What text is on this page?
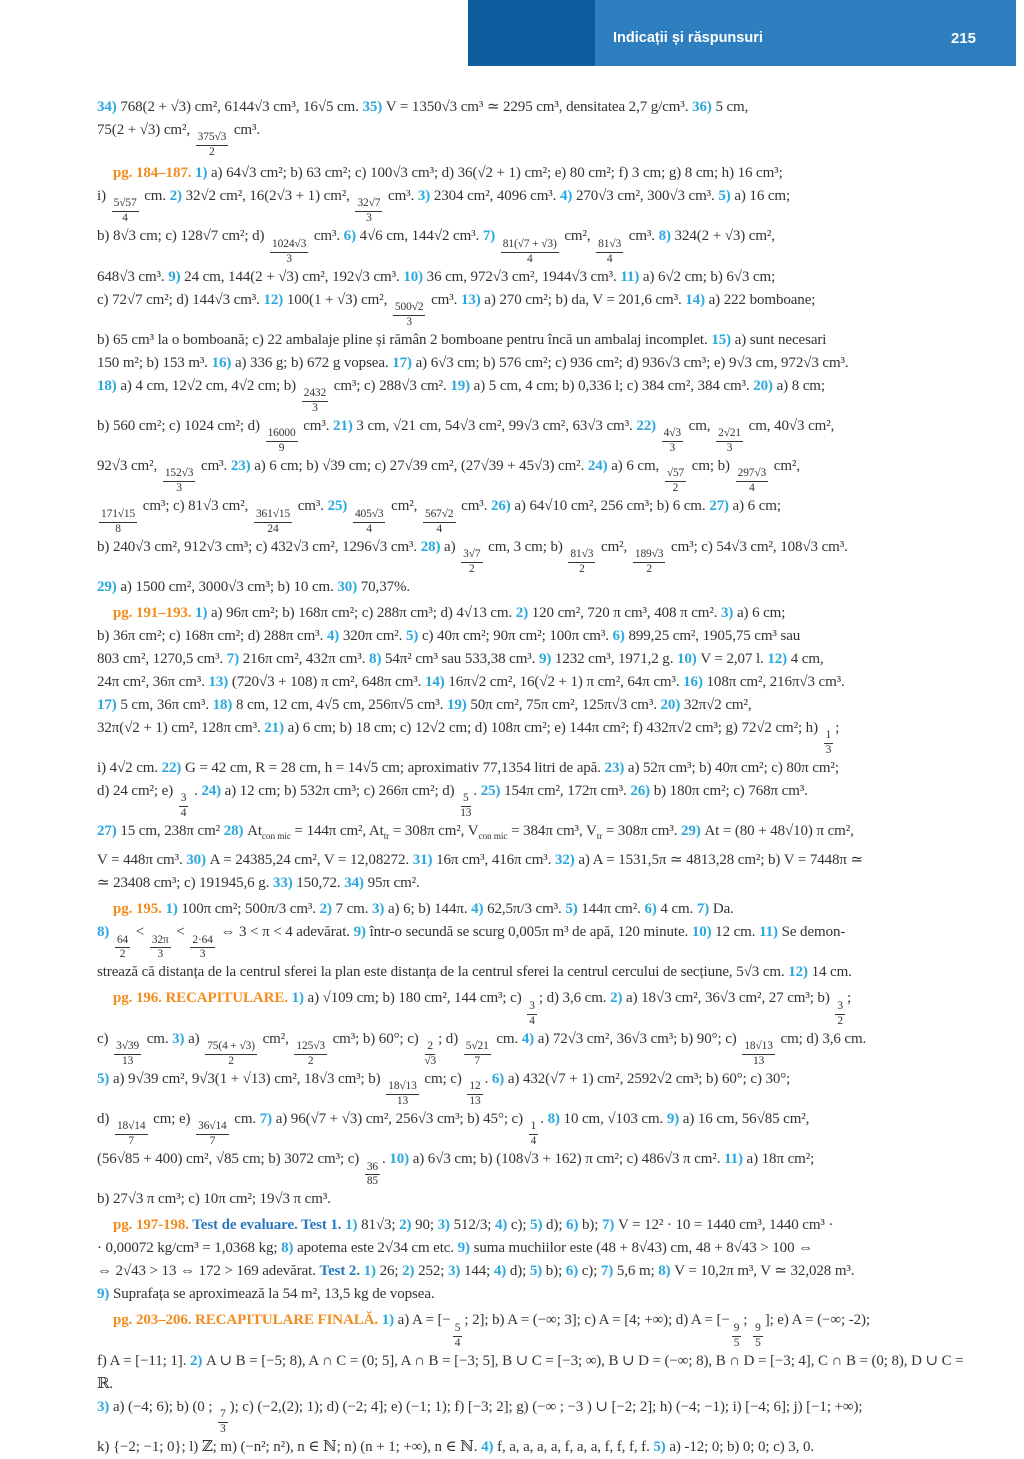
Indicații și răspunsuri	215

34) 768(2 + √3) cm², 6144√3 cm³, 16√5 cm. 35) V = 1350√3 cm³ ≃ 2295 cm³, densitatea 2,7 g/cm³. 36) 5 cm,

75(2 + √3) cm²,
$\frac{375√3}{2}$
cm³.

pg. 184–187. 1) a) 64√3 cm²; b) 63 cm²; c) 100√3 cm³; d) 36(√2 + 1) cm²; e) 80 cm²; f) 3 cm; g) 8 cm; h) 16 cm³;

i)
$\frac{5√57}{4}$
cm. 2) 32√2 cm², 16(2√3 + 1) cm²,
$\frac{32√7}{3}$
cm³. 3) 2304 cm², 4096 cm³. 4) 270√3 cm², 300√3 cm³. 5) a) 16 cm;

b) 8√3 cm; c) 128√7 cm²; d)
$\frac{1024√3}{3}$
cm³. 6) 4√6 cm, 144√2 cm³. 7)
$\frac{81(√7 + √3)}{4}$
cm²,
$\frac{81√3}{4}$
cm³. 8) 324(2 + √3) cm²,

648√3 cm³. 9) 24 cm, 144(2 + √3) cm², 192√3 cm³. 10) 36 cm, 972√3 cm², 1944√3 cm³. 11) a) 6√2 cm; b) 6√3 cm;

c) 72√7 cm²; d) 144√3 cm³. 12) 100(1 + √3) cm²,
$\frac{500√2}{3}$
cm³. 13) a) 270 cm²; b) da, V = 201,6 cm³. 14) a) 222 bomboane;

b) 65 cm³ la o bomboană; c) 22 ambalaje pline și rămân 2 bomboane pentru încă un ambalaj incomplet. 15) a) sunt necesari

150 m²; b) 153 m³. 16) a) 336 g; b) 672 g vopsea. 17) a) 6√3 cm; b) 576 cm²; c) 936 cm²; d) 936√3 cm³; e) 9√3 cm, 972√3 cm³.

18) a) 4 cm, 12√2 cm, 4√2 cm; b)
$\frac{2432}{3}$
cm³; c) 288√3 cm². 19) a) 5 cm, 4 cm; b) 0,336 l; c) 384 cm², 384 cm³. 20) a) 8 cm;

b) 560 cm²; c) 1024 cm²; d)
$\frac{16000}{9}$
cm³. 21) 3 cm, √21 cm, 54√3 cm², 99√3 cm², 63√3 cm³. 22)
$\frac{4√3}{3}$
cm,
$\frac{2√21}{3}$
cm, 40√3 cm²,

92√3 cm²,
$\frac{152√3}{3}$
cm³. 23) a) 6 cm; b) √39 cm; c) 27√39 cm², (27√39 + 45√3) cm². 24) a) 6 cm,
$\frac{√57}{2}$
cm; b)
$\frac{297√3}{4}$
cm²,

$\frac{171√15}{8}$
cm³; c) 81√3 cm²,
$\frac{361√15}{24}$
cm³. 25)
$\frac{405√3}{4}$
cm²,
$\frac{567√2}{4}$
cm³. 26) a) 64√10 cm², 256 cm³; b) 6 cm. 27) a) 6 cm;

b) 240√3 cm², 912√3 cm³; c) 432√3 cm², 1296√3 cm³. 28) a)
$\frac{3√7}{2}$
cm, 3 cm; b)
$\frac{81√3}{2}$
cm²,
$\frac{189√3}{2}$
cm³; c) 54√3 cm², 108√3 cm³.

29) a) 1500 cm², 3000√3 cm³; b) 10 cm. 30) 70,37%.

pg. 191–193. 1) a) 96π cm²; b) 168π cm²; c) 288π cm³; d) 4√13 cm. 2) 120 cm², 720 π cm³, 408 π cm². 3) a) 6 cm;

b) 36π cm²; c) 168π cm²; d) 288π cm³. 4) 320π cm². 5) c) 40π cm²; 90π cm²; 100π cm³. 6) 899,25 cm², 1905,75 cm³ sau

803 cm², 1270,5 cm³. 7) 216π cm², 432π cm³. 8) 54π² cm³ sau 533,38 cm³. 9) 1232 cm³, 1971,2 g. 10) V = 2,07 l. 12) 4 cm,

24π cm², 36π cm³. 13) (720√3 + 108) π cm², 648π cm³. 14) 16π√2 cm², 16(√2 + 1) π cm², 64π cm³. 16) 108π cm², 216π√3 cm³.

17) 5 cm, 36π cm³. 18) 8 cm, 12 cm, 4√5 cm, 256π√5 cm³. 19) 50π cm², 75π cm², 125π√3 cm³. 20) 32π√2 cm²,

32π(√2 + 1) cm², 128π cm³. 21) a) 6 cm; b) 18 cm; c) 12√2 cm; d) 108π cm²; e) 144π cm²; f) 432π√2 cm³; g) 72√2 cm²; h)
$\frac{1}{3}$
;

i) 4√2 cm. 22) G = 42 cm, R = 28 cm, h = 14√5 cm; aproximativ 77,1354 litri de apă. 23) a) 52π cm³; b) 40π cm²; c) 80π cm²;

d) 24 cm²; e)
$\frac{3}{4}$
. 24) a) 12 cm; b) 532π cm³; c) 266π cm²; d)
$\frac{5}{13}$
. 25) 154π cm², 172π cm³. 26) b) 180π cm²; c) 768π cm³.

27) 15 cm, 238π cm² 28) $At_{con mic} = 144\pi$ cm², $At_{tr} = 308\pi$ cm², $V_{con mic} = 384\pi$ cm³, $V_{tr} = 308\pi$ cm³. 29) At = (80 + 48√10) π cm²,

V = 448π cm³. 30) A = 24385,24 cm², V = 12,08272. 31) 16π cm³, 416π cm³. 32) a) A = 1531,5π ≃ 4813,28 cm²; b) V = 7448π ≃

≃ 23408 cm³; c) 191945,6 g. 33) 150,72. 34) 95π cm².

pg. 195. 1) 100π cm²; 500π/3 cm³. 2) 7 cm. 3) a) 6; b) 144π. 4) 62,5π/3 cm³. 5) 144π cm². 6) 4 cm. 7) Da.

8)
$\frac{64}{2}$
<
$\frac{32\pi}{3}$
<
$\frac{2\cdot 64}{3}$
⇔ 3 < π < 4 adevărat. 9) într-o secundă se scurg 0,005π m³ de apă, 120 minute. 10) 12 cm. 11) Se demon-

strează că distanța de la centrul sferei la plan este distanța de la centrul sferei la centrul cercului de secțiune, 5√3 cm. 12) 14 cm.

pg. 196. RECAPITULARE. 1) a) √109 cm; b) 180 cm², 144 cm³; c)
$\frac{3}{4}$
; d) 3,6 cm. 2) a) 18√3 cm², 36√3 cm², 27 cm³; b)
$\frac{3}{2}$
;

c)
$\frac{3√39}{13}$
cm. 3) a)
$\frac{75(4 + √3)}{2}$
cm²,
$\frac{125√3}{2}$
cm³; b) 60°; c)
$\frac{2}{√3}$
; d)
$\frac{5√21}{7}$
cm. 4) a) 72√3 cm², 36√3 cm³; b) 90°; c)
$\frac{18√13}{13}$
cm; d) 3,6 cm.

5) a) 9√39 cm², 9√3(1 + √13) cm², 18√3 cm³; b)
$\frac{18√13}{13}$
cm; c)
$\frac{12}{13}$
. 6) a) 432(√7 + 1) cm², 2592√2 cm³; b) 60°; c) 30°;

d)
$\frac{18√14}{7}$
cm; e)
$\frac{36√14}{7}$
cm. 7) a) 96(√7 + √3) cm², 256√3 cm³; b) 45°; c)
$\frac{1}{4}$
. 8) 10 cm, √103 cm. 9) a) 16 cm, 56√85 cm²,

(56√85 + 400) cm², √85 cm; b) 3072 cm³; c)
$\frac{36}{85}$
. 10) a) 6√3 cm; b) (108√3 + 162) π cm²; c) 486√3 π cm². 11) a) 18π cm²;

b) 27√3 π cm³; c) 10π cm²; 19√3 π cm³.

pg. 197-198. Test de evaluare. Test 1. 1) 81√3; 2) 90; 3) 512/3; 4) c); 5) d); 6) b); 7) V = 12² · 10 = 1440 cm³, 1440 cm³ ·

· 0,00072 kg/cm³ = 1,0368 kg; 8) apotema este 2√34 cm etc. 9) suma muchiilor este (48 + 8√43) cm, 48 + 8√43 > 100 ⇔

⇔ 2√43 > 13 ⇔ 172 > 169 adevărat. Test 2. 1) 26; 2) 252; 3) 144; 4) d); 5) b); 6) c); 7) 5,6 m; 8) V = 10,2π m³, V ≃ 32,028 m³.

9) Suprafața se aproximează la 54 m², 13,5 kg de vopsea.

pg. 203–206. RECAPITULARE FINALĂ. 1) a) A = [−
$\frac{5}{4}$
; 2]; b) A = (−∞; 3]; c) A = [4; +∞); d) A = [−
$\frac{9}{5}$
;
$\frac{9}{5}$
]; e) A = (−∞; -2);

f) A = [−11; 1]. 2) A ∪ B = [−5; 8), A ∩ C = (0; 5], A ∩ B = [−3; 5], B ∪ C = [−3; ∞), B ∪ D = (−∞; 8), B ∩ D = [−3; 4], C ∩ B = (0; 8), D ∪ C = ℝ.

3) a) (−4; 6); b) (0 ;
$\frac{7}{3}$
); c) (−2,(2); 1); d) (−2; 4]; e) (−1; 1); f) [−3; 2]; g) (−∞ ; −3 ) ∪ [−2; 2]; h) (−4; −1); i) [−4; 6]; j) [−1; +∞);

k) {−2; −1; 0}; l) ℤ; m) (−n²; n²), n ∈ ℕ; n) (n + 1; +∞), n ∈ ℕ. 4) f, a, a, a, a, f, a, a, f, f, f, f. 5) a) -12; 0; b) 0; 0; c) 3, 0.
